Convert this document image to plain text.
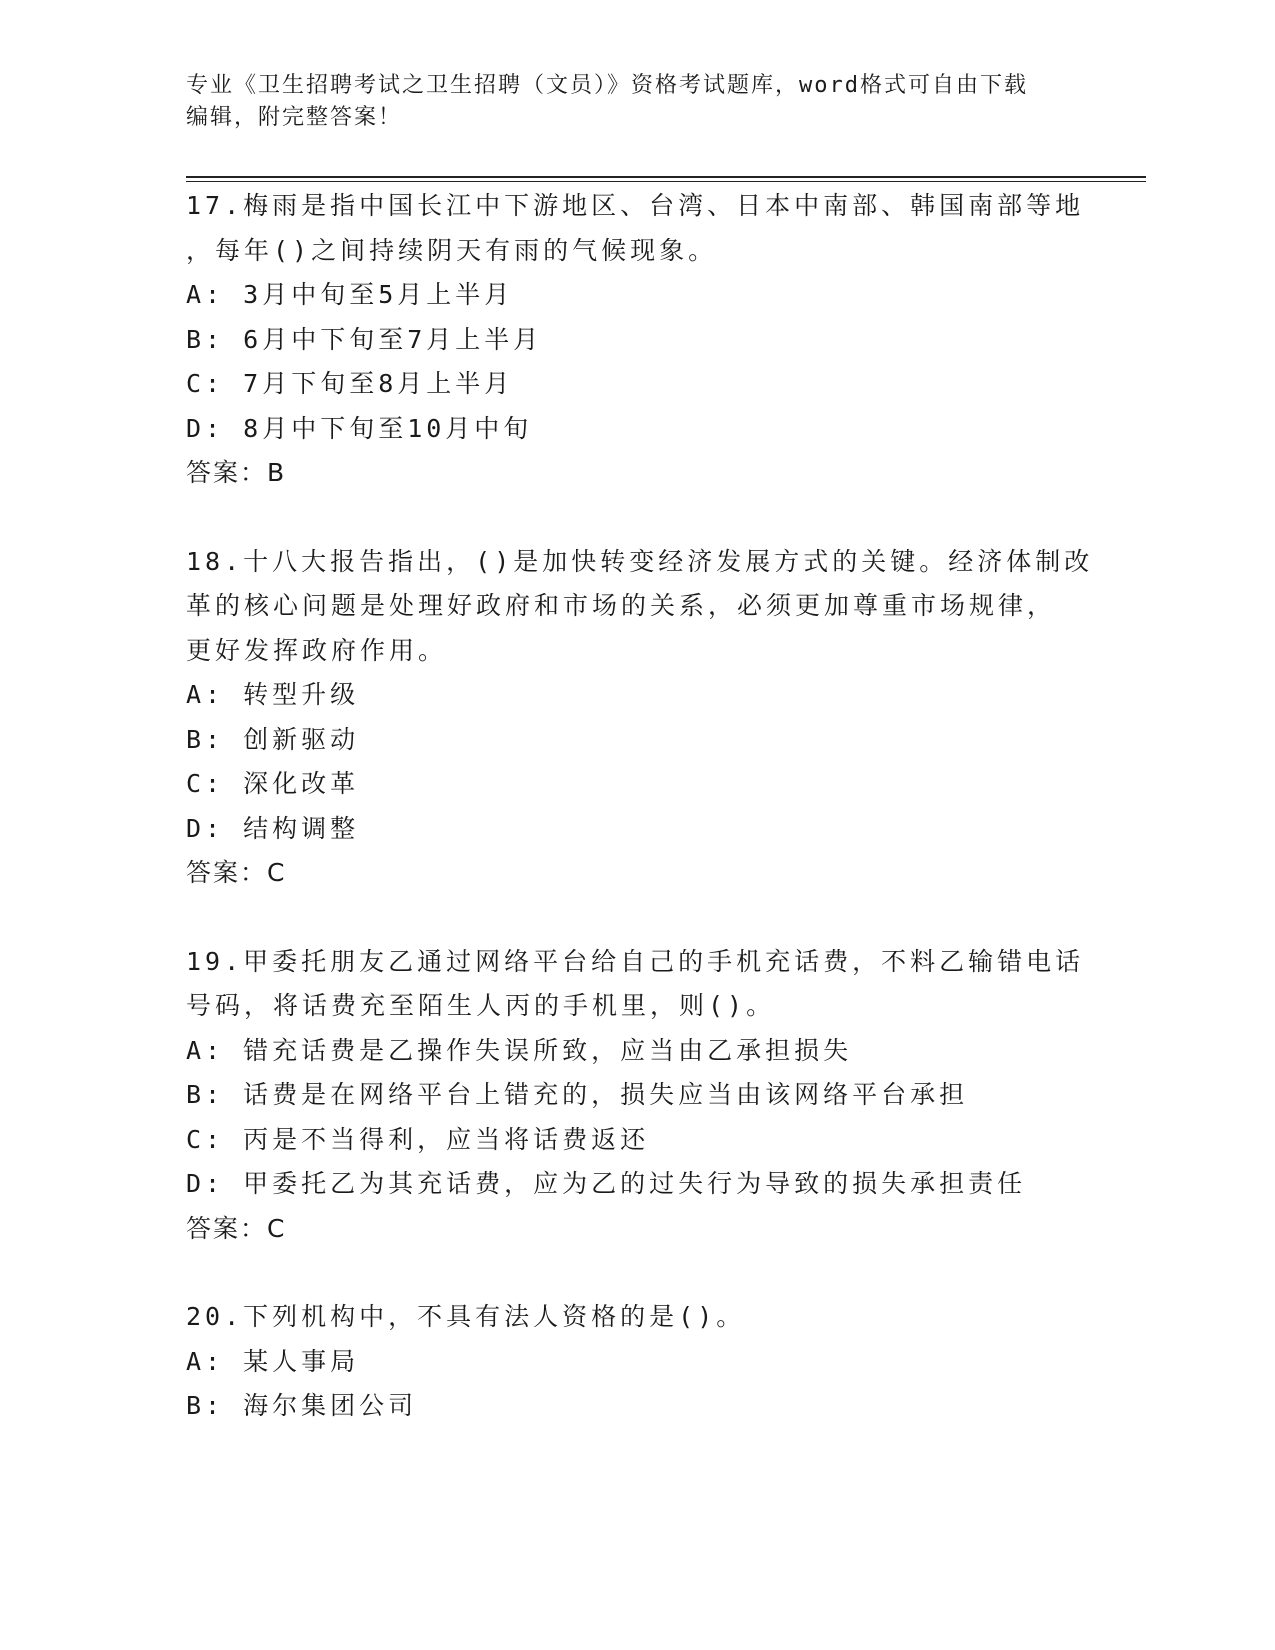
专业《卫生招聘考试之卫生招聘（文员）》资格考试题库，word格式可自由下载

编辑，附完整答案！

17.梅雨是指中国长江中下游地区、台湾、日本中南部、韩国南部等地

，每年()之间持续阴天有雨的气候现象。

A: 3月中旬至5月上半月

B: 6月中下旬至7月上半月

C: 7月下旬至8月上半月

D: 8月中下旬至10月中旬

答案：B

18.十八大报告指出，()是加快转变经济发展方式的关键。经济体制改

革的核心问题是处理好政府和市场的关系，必须更加尊重市场规律，

更好发挥政府作用。

A: 转型升级

B: 创新驱动

C: 深化改革

D: 结构调整

答案：C

19.甲委托朋友乙通过网络平台给自己的手机充话费，不料乙输错电话

号码，将话费充至陌生人丙的手机里，则()。

A: 错充话费是乙操作失误所致，应当由乙承担损失

B: 话费是在网络平台上错充的，损失应当由该网络平台承担

C: 丙是不当得利，应当将话费返还

D: 甲委托乙为其充话费，应为乙的过失行为导致的损失承担责任

答案：C

20.下列机构中，不具有法人资格的是()。

A: 某人事局

B: 海尔集团公司
